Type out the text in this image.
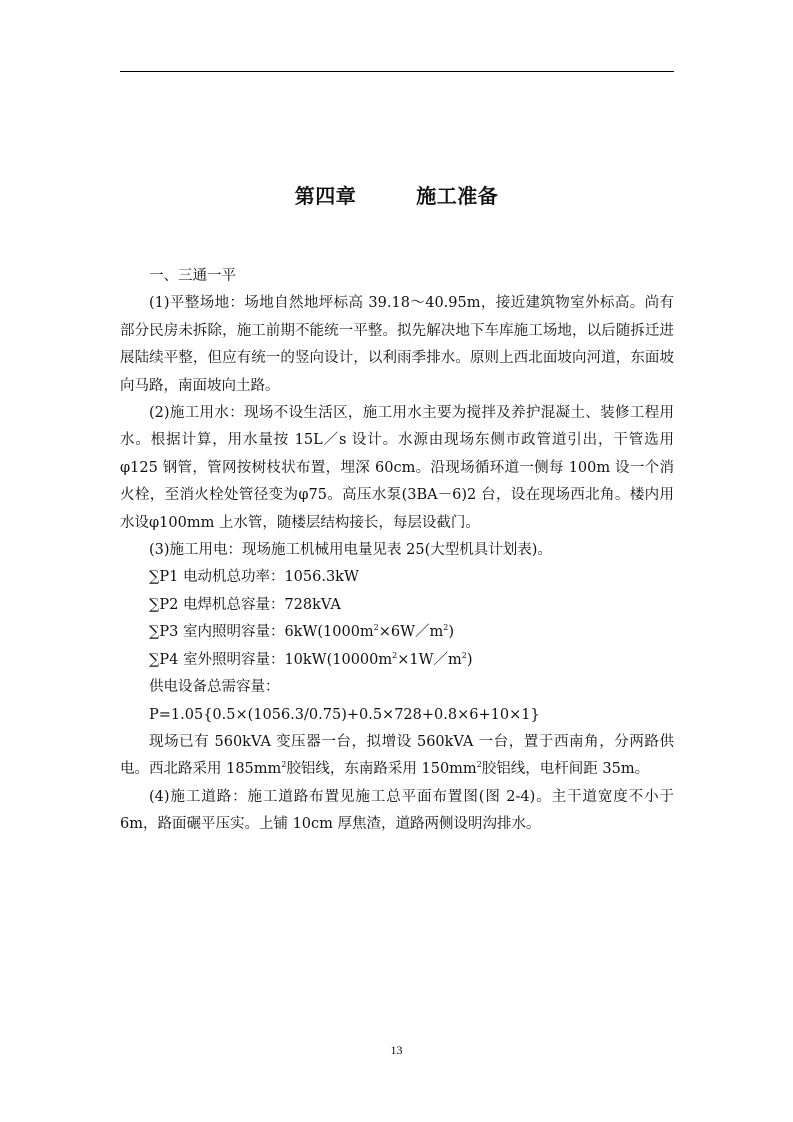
第四章	施工准备

一、三通一平

(1)平整场地：场地自然地坪标高 39.18～40.95m，接近建筑物室外标高。尚有部分民房未拆除，施工前期不能统一平整。拟先解决地下车库施工场地，以后随拆迁进展陆续平整，但应有统一的竖向设计，以利雨季排水。原则上西北面坡向河道，东面坡向马路，南面坡向土路。

(2)施工用水：现场不设生活区，施工用水主要为搅拌及养护混凝土、装修工程用水。根据计算，用水量按 15L／s 设计。水源由现场东侧市政管道引出，干管选用φ125 钢管，管网按树枝状布置，埋深 60cm。沿现场循环道一侧每 100m 设一个消火栓，至消火栓处管径变为φ75。高压水泵(3BA－6)2 台，设在现场西北角。楼内用水设φ100mm 上水管，随楼层结构接长，每层设截门。

(3)施工用电：现场施工机械用电量见表 25(大型机具计划表)。

∑P1 电动机总功率：1056.3kW

∑P2 电焊机总容量：728kVA

∑P3 室内照明容量：$6kW(1000m^2\times 6W/m^2)$

∑P4 室外照明容量：$10kW(10000m^2\times 1W/m^2)$

供电设备总需容量：

P=1.05{0.5×(1056.3/0.75)+0.5×728+0.8×6+10×1}

现场已有 560kVA 变压器一台，拟增设 560kVA 一台，置于西南角，分两路供电。西北路采用 $185mm^2$胶铝线，东南路采用 $150mm^2$胶铝线，电杆间距 35m。

(4)施工道路：施工道路布置见施工总平面布置图(图 2-4)。主干道宽度不小于 6m，路面碾平压实。上铺 10cm 厚焦渣，道路两侧设明沟排水。

13
